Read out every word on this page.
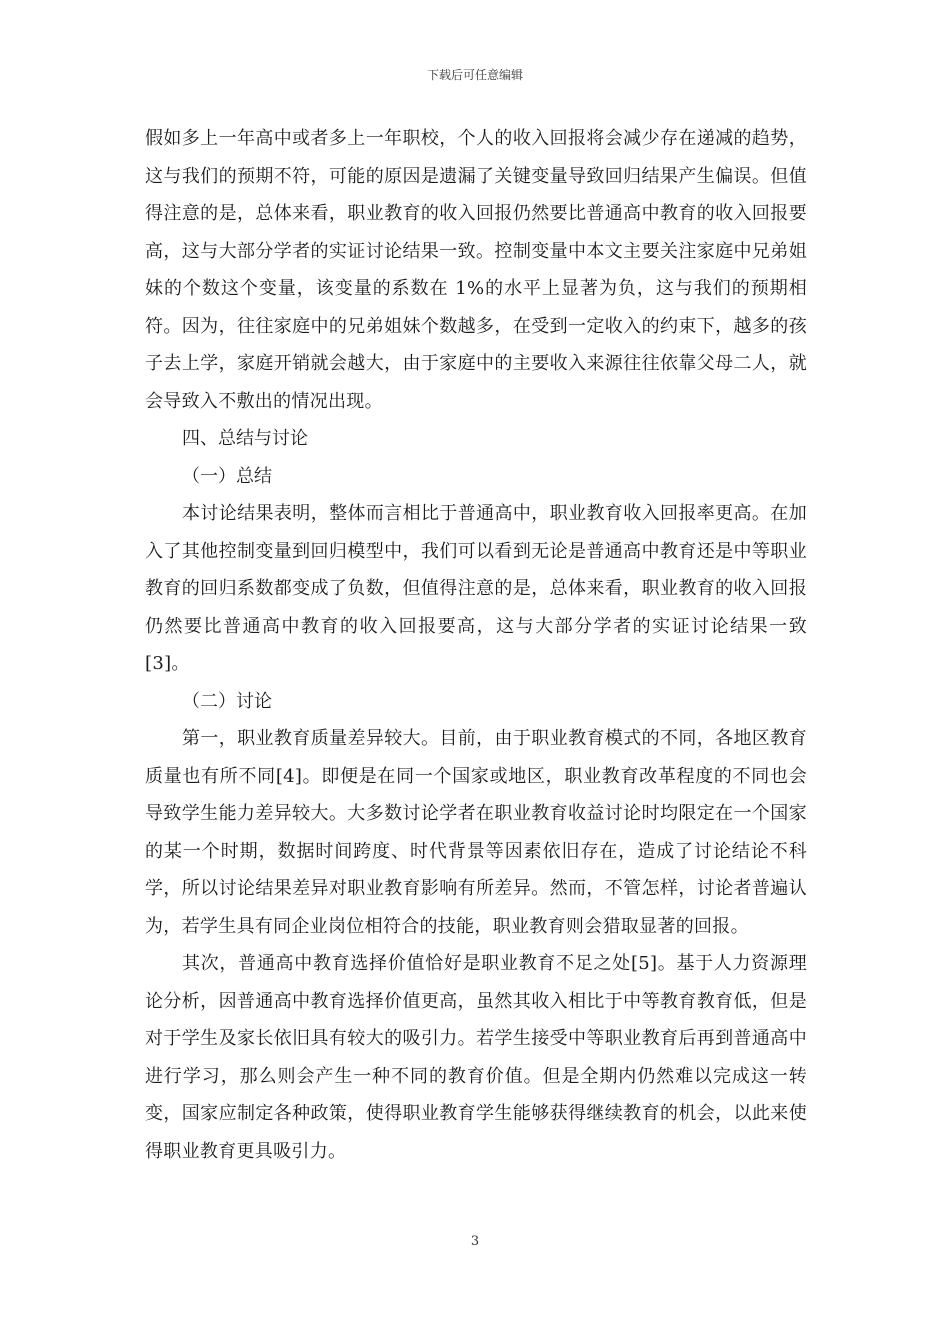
下载后可任意编辑

假如多上一年高中或者多上一年职校，个人的收入回报将会减少存在递减的趋势，这与我们的预期不符，可能的原因是遗漏了关键变量导致回归结果产生偏误。但值得注意的是，总体来看，职业教育的收入回报仍然要比普通高中教育的收入回报要高，这与大部分学者的实证讨论结果一致。控制变量中本文主要关注家庭中兄弟姐妹的个数这个变量，该变量的系数在 1%的水平上显著为负，这与我们的预期相符。因为，往往家庭中的兄弟姐妹个数越多，在受到一定收入的约束下，越多的孩子去上学，家庭开销就会越大，由于家庭中的主要收入来源往往依靠父母二人，就会导致入不敷出的情况出现。

四、总结与讨论

（一）总结

本讨论结果表明，整体而言相比于普通高中，职业教育收入回报率更高。在加入了其他控制变量到回归模型中，我们可以看到无论是普通高中教育还是中等职业教育的回归系数都变成了负数，但值得注意的是，总体来看，职业教育的收入回报仍然要比普通高中教育的收入回报要高，这与大部分学者的实证讨论结果一致[3]。

（二）讨论

第一，职业教育质量差异较大。目前，由于职业教育模式的不同，各地区教育质量也有所不同[4]。即便是在同一个国家或地区，职业教育改革程度的不同也会导致学生能力差异较大。大多数讨论学者在职业教育收益讨论时均限定在一个国家的某一个时期，数据时间跨度、时代背景等因素依旧存在，造成了讨论结论不科学，所以讨论结果差异对职业教育影响有所差异。然而，不管怎样，讨论者普遍认为，若学生具有同企业岗位相符合的技能，职业教育则会猎取显著的回报。

其次，普通高中教育选择价值恰好是职业教育不足之处[5]。基于人力资源理论分析，因普通高中教育选择价值更高，虽然其收入相比于中等教育教育低，但是对于学生及家长依旧具有较大的吸引力。若学生接受中等职业教育后再到普通高中进行学习，那么则会产生一种不同的教育价值。但是全期内仍然难以完成这一转变，国家应制定各种政策，使得职业教育学生能够获得继续教育的机会，以此来使得职业教育更具吸引力。

3
